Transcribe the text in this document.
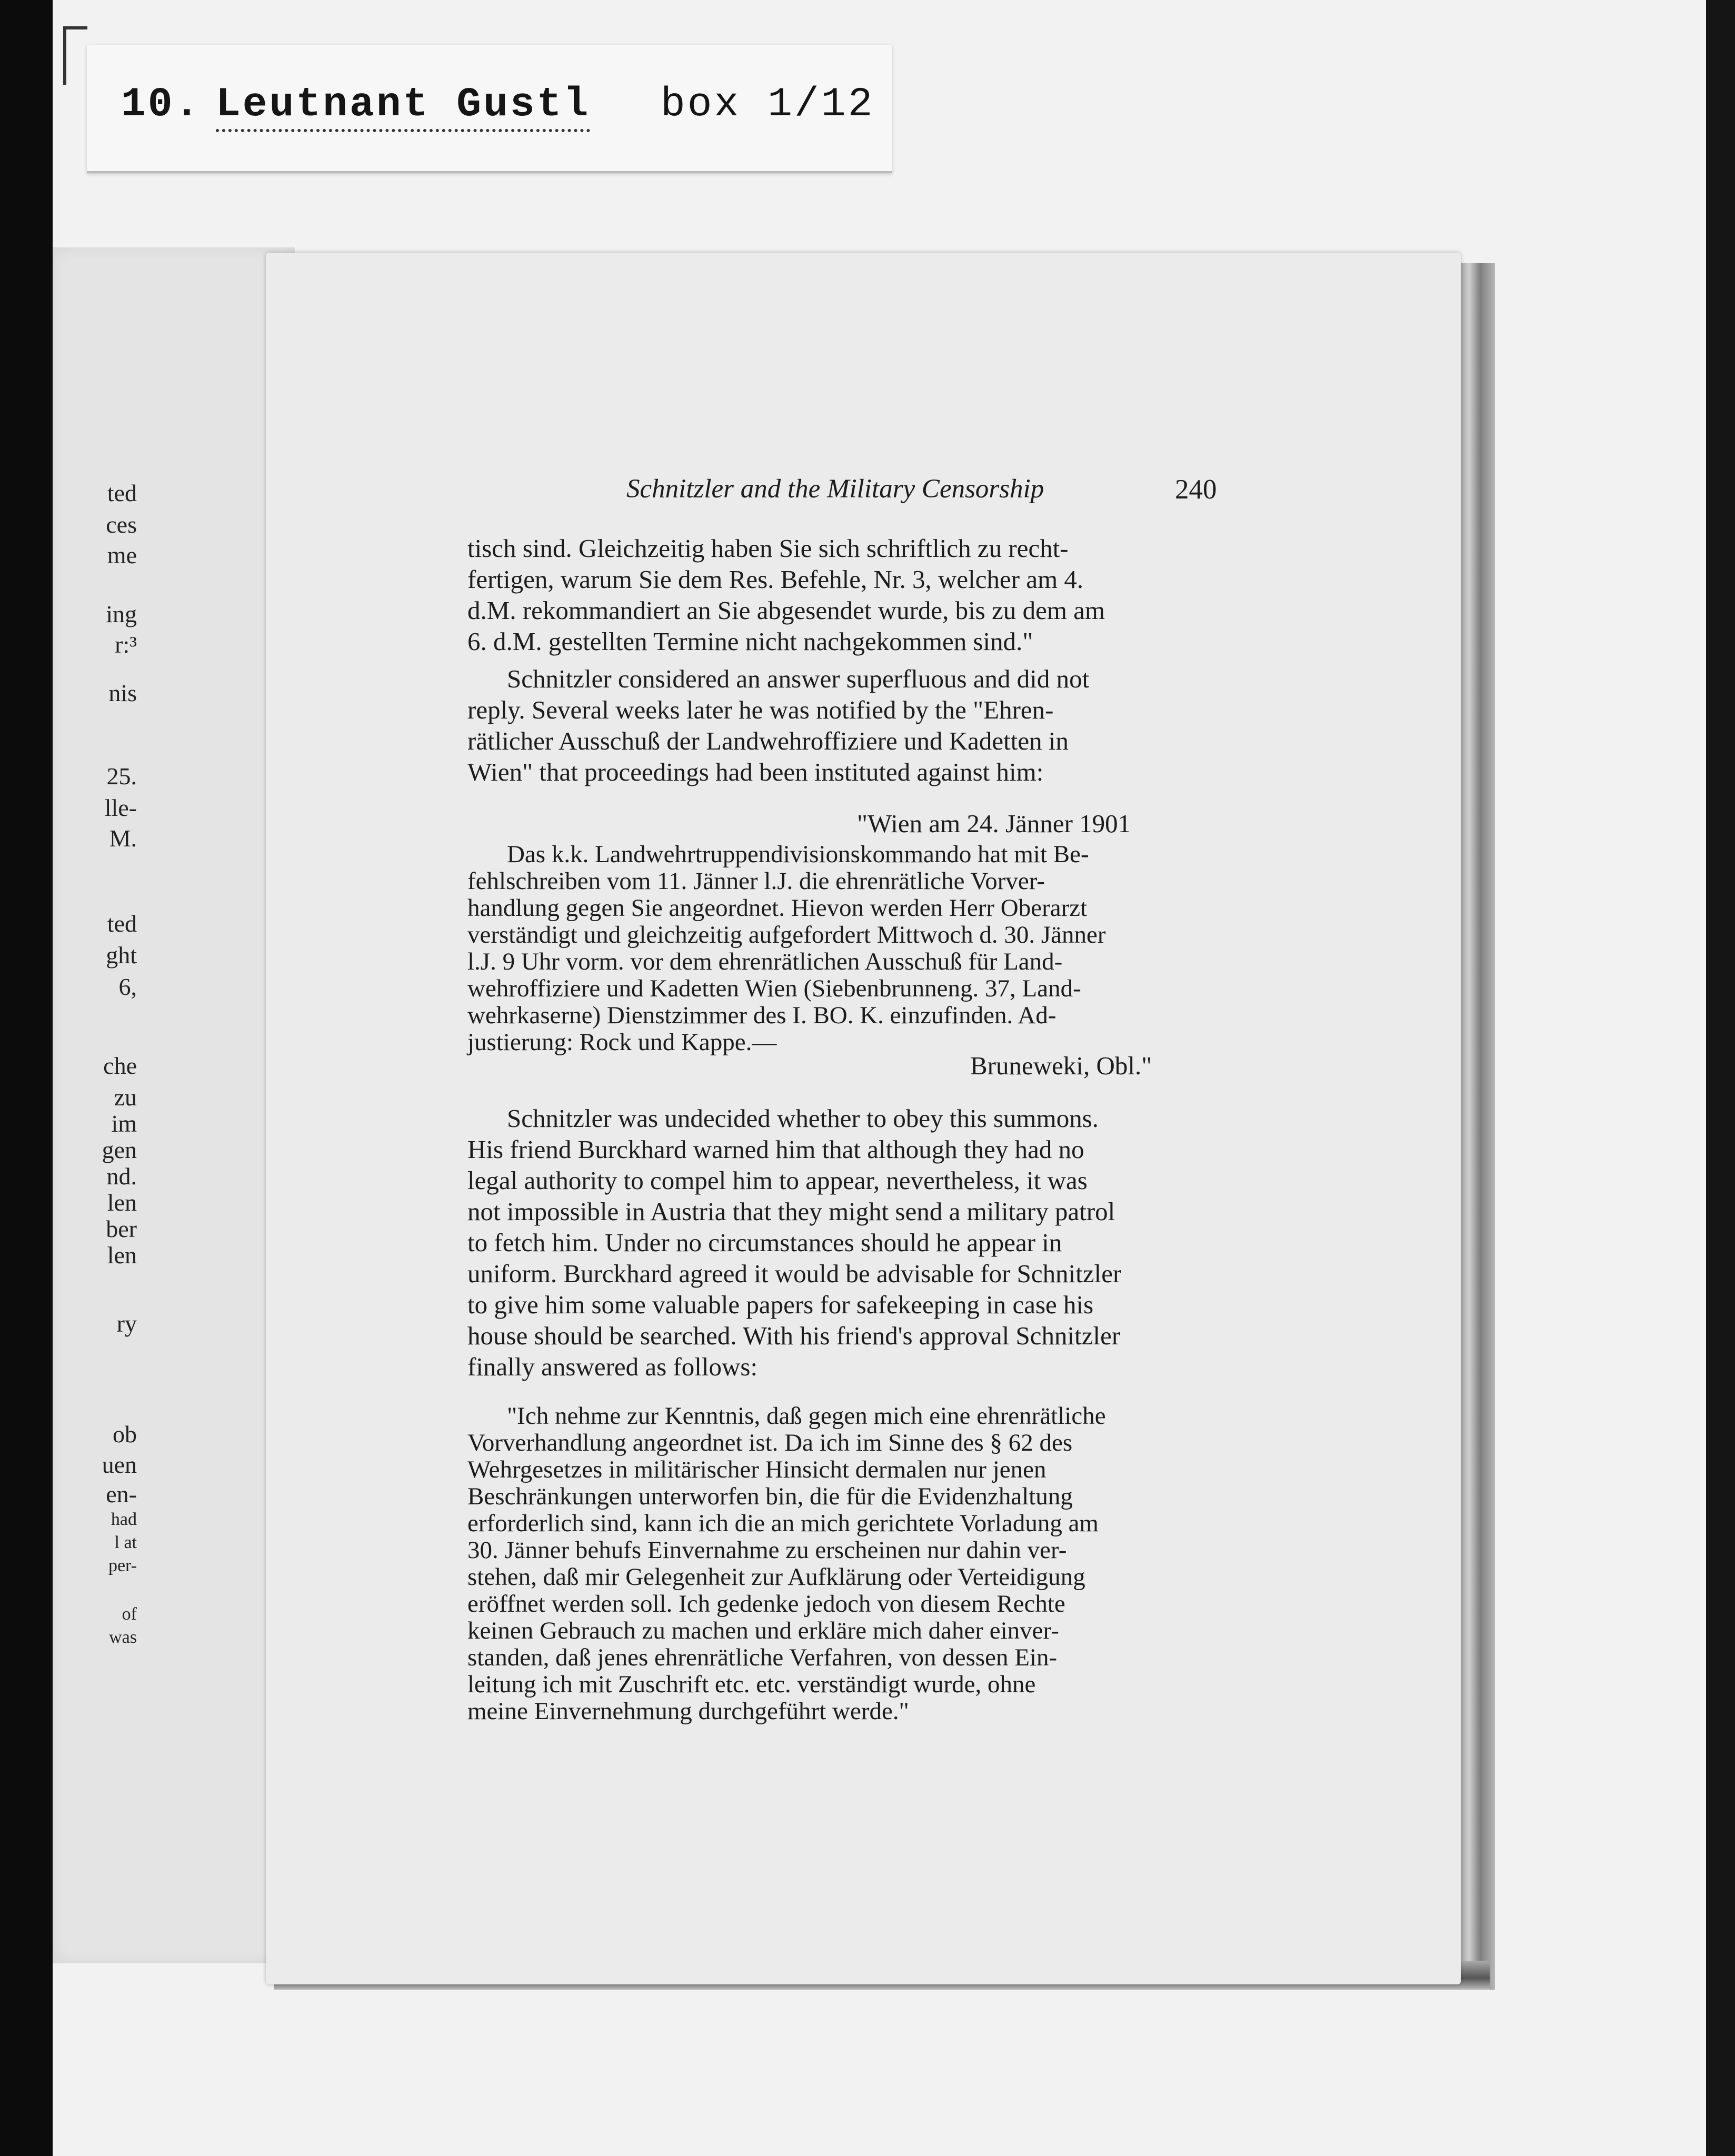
10. Leutnant Gustl box 1/12
ted
ces
me
ing
r:³
nis
25.
lle-
M.
ted
ght
6,
che
zu
im
gen
nd.
len
ber
len
ry
ob
uen
en-
had
l at
per-
of
was
Schnitzler and the Military Censorship	240
tisch sind. Gleichzeitig haben Sie sich schriftlich zu recht-
fertigen, warum Sie dem Res. Befehle, Nr. 3, welcher am 4.
d.M. rekommandiert an Sie abgesendet wurde, bis zu dem am
6. d.M. gestellten Termine nicht nachgekommen sind."
Schnitzler considered an answer superfluous and did not
reply. Several weeks later he was notified by the "Ehren-
rätlicher Ausschuß der Landwehroffiziere und Kadetten in
Wien" that proceedings had been instituted against him:
"Wien am 24. Jänner 1901
Das k.k. Landwehrtruppendivisionskommando hat mit Be-
fehlschreiben vom 11. Jänner l.J. die ehrenrätliche Vorver-
handlung gegen Sie angeordnet. Hievon werden Herr Oberarzt
verständigt und gleichzeitig aufgefordert Mittwoch d. 30. Jänner
l.J. 9 Uhr vorm. vor dem ehrenrätlichen Ausschuß für Land-
wehroffiziere und Kadetten Wien (Siebenbrunneng. 37, Land-
wehrkaserne) Dienstzimmer des I. BO. K. einzufinden. Ad-
justierung: Rock und Kappe.—
Bruneweki, Obl."
Schnitzler was undecided whether to obey this summons.
His friend Burckhard warned him that although they had no
legal authority to compel him to appear, nevertheless, it was
not impossible in Austria that they might send a military patrol
to fetch him. Under no circumstances should he appear in
uniform. Burckhard agreed it would be advisable for Schnitzler
to give him some valuable papers for safekeeping in case his
house should be searched. With his friend's approval Schnitzler
finally answered as follows:
"Ich nehme zur Kenntnis, daß gegen mich eine ehrenrätliche
Vorverhandlung angeordnet ist. Da ich im Sinne des § 62 des
Wehrgesetzes in militärischer Hinsicht dermalen nur jenen
Beschränkungen unterworfen bin, die für die Evidenzhaltung
erforderlich sind, kann ich die an mich gerichtete Vorladung am
30. Jänner behufs Einvernahme zu erscheinen nur dahin ver-
stehen, daß mir Gelegenheit zur Aufklärung oder Verteidigung
eröffnet werden soll. Ich gedenke jedoch von diesem Rechte
keinen Gebrauch zu machen und erkläre mich daher einver-
standen, daß jenes ehrenrätliche Verfahren, von dessen Ein-
leitung ich mit Zuschrift etc. etc. verständigt wurde, ohne
meine Einvernehmung durchgeführt werde."
